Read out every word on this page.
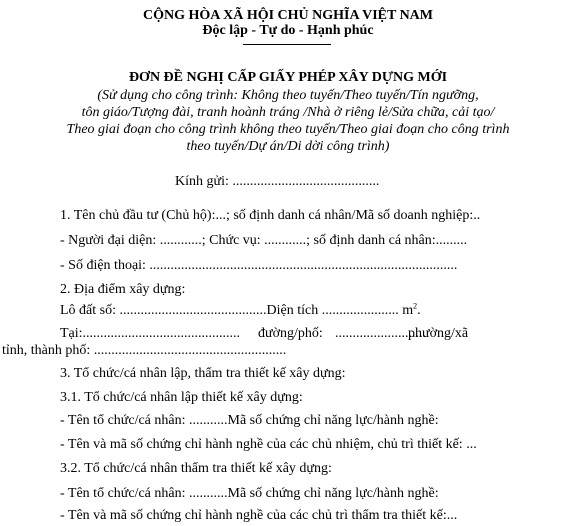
CỘNG HÒA XÃ HỘI CHỦ NGHĨA VIỆT NAM
Độc lập - Tự do - Hạnh phúc
ĐƠN ĐỀ NGHỊ CẤP GIẤY PHÉP XÂY DỰNG MỚI
(Sử dụng cho công trình: Không theo tuyến/Theo tuyến/Tín ngưỡng,
tôn giáo/Tượng đài, tranh hoành tráng /Nhà ở riêng lẻ/Sửa chữa, cải tạo/
Theo giai đoạn cho công trình không theo tuyến/Theo giai đoạn cho công trình
theo tuyến/Dự án/Di dời công trình)
Kính gửi: ..........................................
1. Tên chủ đầu tư (Chủ hộ):...; số định danh cá nhân/Mã số doanh nghiệp:..
- Người đại diện: ............; Chức vụ: ............; số định danh cá nhân:.........
- Số điện thoại: ........................................................................................
2. Địa điểm xây dựng:
Lô đất số: ..........................................Diện tích ...................... $m^2$.
Tại:............................................. đường/phố: ..........................
phường/xã
tỉnh, thành phố: .......................................................
3. Tổ chức/cá nhân lập, thẩm tra thiết kế xây dựng:
3.1. Tổ chức/cá nhân lập thiết kế xây dựng:
- Tên tổ chức/cá nhân: ...........Mã số chứng chỉ năng lực/hành nghề:
- Tên và mã số chứng chỉ hành nghề của các chủ nhiệm, chủ trì thiết kế: ...
3.2. Tổ chức/cá nhân thẩm tra thiết kế xây dựng:
- Tên tổ chức/cá nhân: ...........Mã số chứng chỉ năng lực/hành nghề:
- Tên và mã số chứng chỉ hành nghề của các chủ trì thẩm tra thiết kế:...
